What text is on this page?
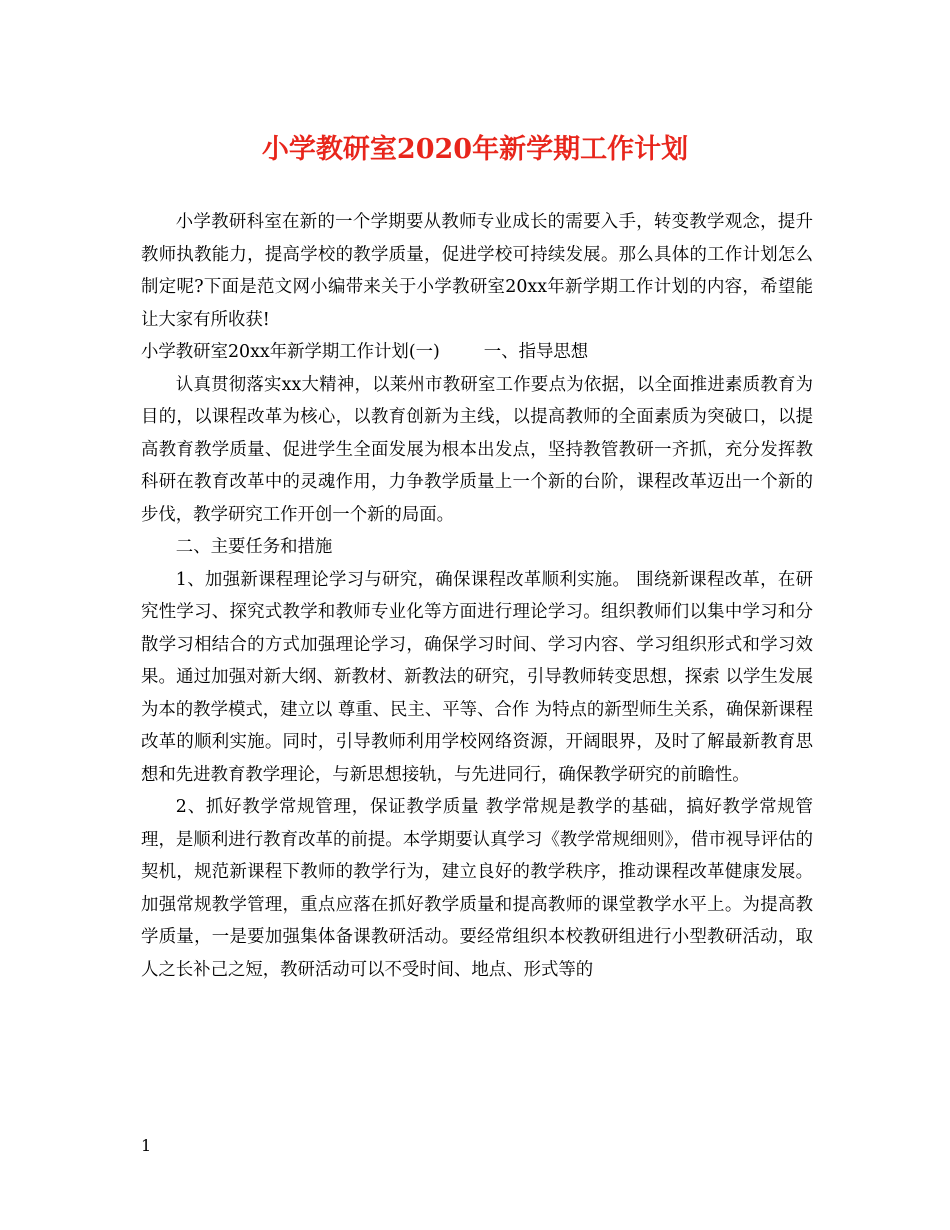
小学教研室2020年新学期工作计划

小学教研科室在新的一个学期要从教师专业成长的需要入手，转变教学观念，提升教师执教能力，提高学校的教学质量，促进学校可持续发展。那么具体的工作计划怎么制定呢?下面是范文网小编带来关于小学教研室20xx年新学期工作计划的内容，希望能让大家有所收获!

小学教研室20xx年新学期工作计划(一)	一、指导思想

认真贯彻落实xx大精神，以莱州市教研室工作要点为依据，以全面推进素质教育为目的，以课程改革为核心，以教育创新为主线，以提高教师的全面素质为突破口，以提高教育教学质量、促进学生全面发展为根本出发点，坚持教管教研一齐抓，充分发挥教科研在教育改革中的灵魂作用，力争教学质量上一个新的台阶，课程改革迈出一个新的步伐，教学研究工作开创一个新的局面。

二、主要任务和措施

1、加强新课程理论学习与研究，确保课程改革顺利实施。 围绕新课程改革，在研究性学习、探究式教学和教师专业化等方面进行理论学习。组织教师们以集中学习和分散学习相结合的方式加强理论学习，确保学习时间、学习内容、学习组织形式和学习效果。通过加强对新大纲、新教材、新教法的研究，引导教师转变思想，探索 以学生发展 为本的教学模式，建立以 尊重、民主、平等、合作 为特点的新型师生关系，确保新课程改革的顺利实施。同时，引导教师利用学校网络资源，开阔眼界，及时了解最新教育思想和先进教育教学理论，与新思想接轨，与先进同行，确保教学研究的前瞻性。

2、抓好教学常规管理，保证教学质量 教学常规是教学的基础，搞好教学常规管理，是顺利进行教育改革的前提。本学期要认真学习《教学常规细则》，借市视导评估的契机，规范新课程下教师的教学行为，建立良好的教学秩序，推动课程改革健康发展。加强常规教学管理，重点应落在抓好教学质量和提高教师的课堂教学水平上。为提高教学质量，一是要加强集体备课教研活动。要经常组织本校教研组进行小型教研活动，取人之长补己之短，教研活动可以不受时间、地点、形式等的

1
